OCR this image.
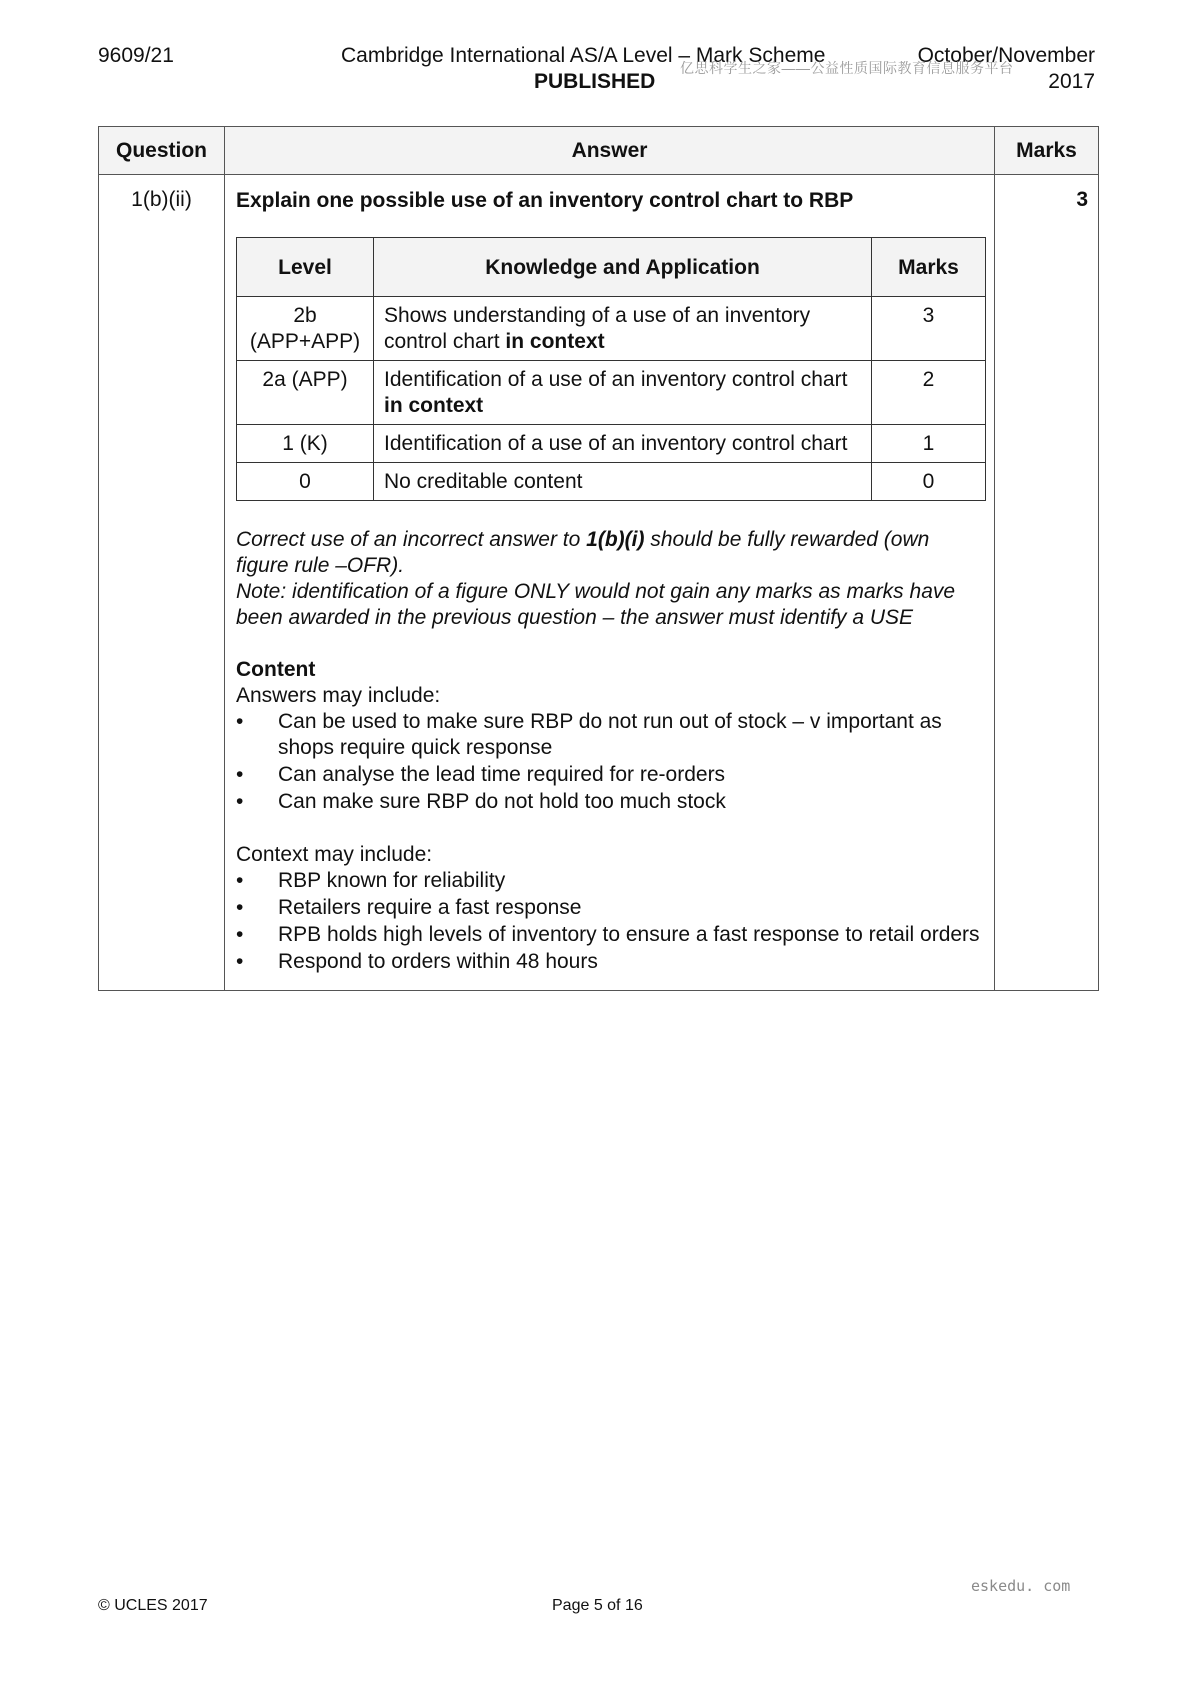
9609/21	Cambridge International AS/A Level – Mark Scheme	October/November
PUBLISHED	2017
亿思科学生之家——公益性质国际教育信息服务平台
Question	Answer	Marks
1(b)(ii)	Explain one possible use of an inventory control chart to RBP

Level	Knowledge and Application	Marks
2b
(APP+APP)	Shows understanding of a use of an inventory control chart in context	3
2a (APP)	Identification of a use of an inventory control chart in context	2
1 (K)	Identification of a use of an inventory control chart	1
0	No creditable content	0

Correct use of an incorrect answer to 1(b)(i) should be fully rewarded (own figure rule –OFR).

Note: identification of a figure ONLY would not gain any marks as marks have been awarded in the previous question – the answer must identify a USE

Content

Answers may include:

• Can be used to make sure RBP do not run out of stock – v important as shops require quick response
• Can analyse the lead time required for re-orders
• Can make sure RBP do not hold too much stock

Context may include:

• RBP known for reliability
• Retailers require a fast response
• RPB holds high levels of inventory to ensure a fast response to retail orders
• Respond to orders within 48 hours
	3
eskedu. com
© UCLES 2017	Page 5 of 16
